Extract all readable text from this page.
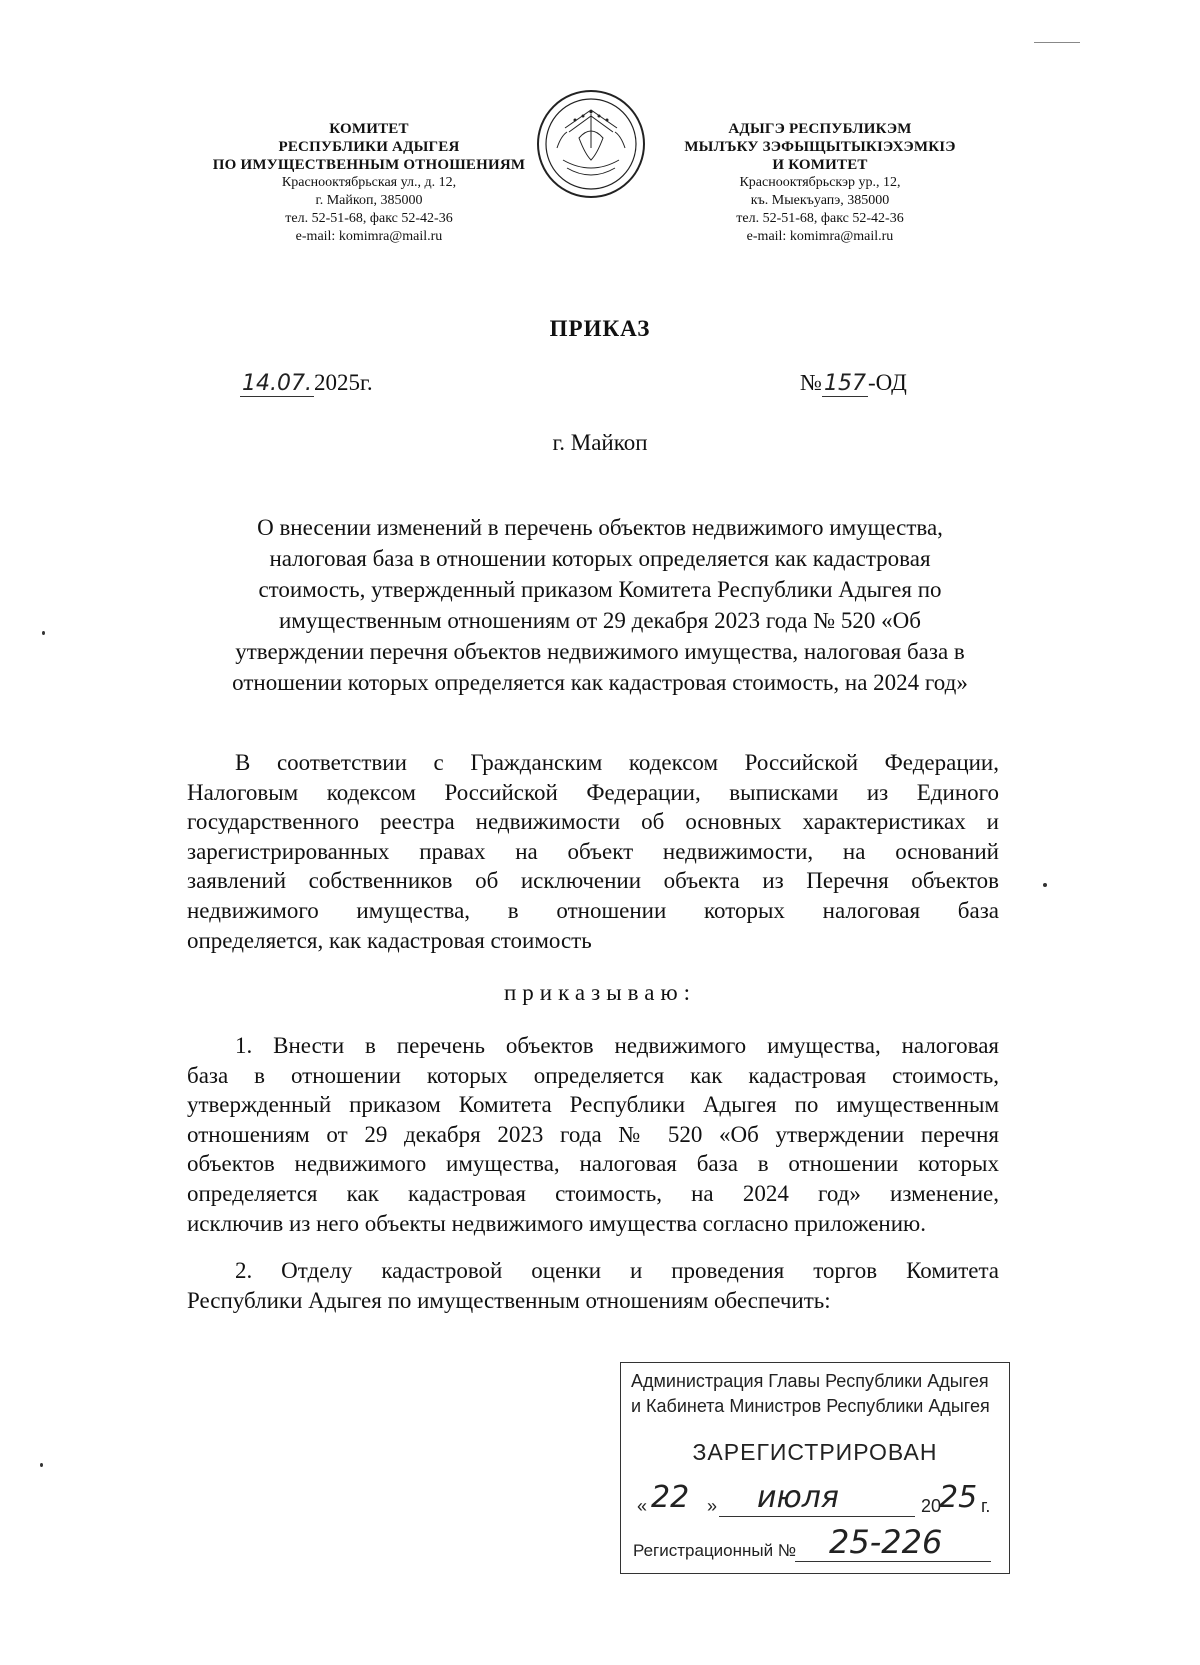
КОМИТЕТ
РЕСПУБЛИКИ АДЫГЕЯ
ПО ИМУЩЕСТВЕННЫМ ОТНОШЕНИЯМ
Краснооктябрьская ул., д. 12,
г. Майкоп, 385000
тел. 52-51-68, факс 52-42-36
e-mail: komimra@mail.ru
АДЫГЭ РЕСПУБЛИКЭМ
МЫЛЪКУ ЗЭФЫЩЫТЫКIЭХЭМКIЭ
И КОМИТЕТ
Краснооктябрьскэр ур., 12,
къ. Мыекъуапэ, 385000
тел. 52-51-68, факс 52-42-36
e-mail: komimra@mail.ru
ПРИКАЗ
14.07.2025г.	№157-ОД
г. Майкоп
О внесении изменений в перечень объектов недвижимого имущества,
налоговая база в отношении которых определяется как кадастровая
стоимость, утвержденный приказом Комитета Республики Адыгея по
имущественным отношениям от 29 декабря 2023 года № 520 «Об
утверждении перечня объектов недвижимого имущества, налоговая база в
отношении которых определяется как кадастровая стоимость, на 2024 год»
В соответствии с Гражданским кодексом Российской Федерации,
Налоговым кодексом Российской Федерации, выписками из Единого
государственного реестра недвижимости об основных характеристиках и
зарегистрированных правах на объект недвижимости, на оснований
заявлений собственников об исключении объекта из Перечня объектов
недвижимого имущества, в отношении которых налоговая база
определяется, как кадастровая стоимость
приказываю:
1. Внести в перечень объектов недвижимого имущества, налоговая
база в отношении которых определяется как кадастровая стоимость,
утвержденный приказом Комитета Республики Адыгея по имущественным
отношениям от 29 декабря 2023 года № 520 «Об утверждении перечня
объектов недвижимого имущества, налоговая база в отношении которых
определяется как кадастровая стоимость, на 2024 год» изменение,
исключив из него объекты недвижимого имущества согласно приложению.
2. Отделу кадастровой оценки и проведения торгов Комитета
Республики Адыгея по имущественным отношениям обеспечить:
Администрация Главы Республики Адыгея
и Кабинета Министров Республики Адыгея
ЗАРЕГИСТРИРОВАН
« 22 » июля	20
25 г.
Регистрационный № 25-226
